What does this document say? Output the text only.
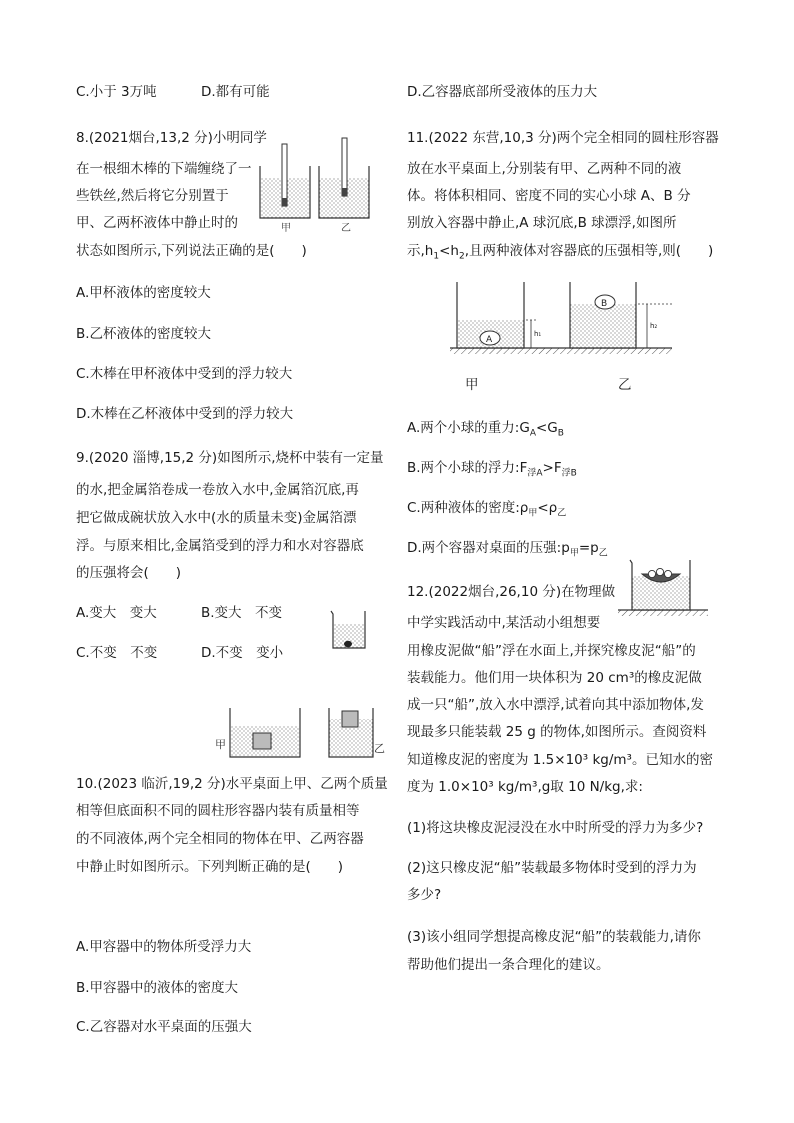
C.小于 3万吨	D.都有可能
8.(2021烟台,13,2 分)小明同学
在一根细木棒的下端缠绕了一
些铁丝,然后将它分别置于
甲、乙两杯液体中静止时的
状态如图所示,下列说法正确的是(　　)
甲	乙
A.甲杯液体的密度较大
B.乙杯液体的密度较大
C.木棒在甲杯液体中受到的浮力较大
D.木棒在乙杯液体中受到的浮力较大
9.(2020 淄博,15,2 分)如图所示,烧杯中装有一定量
的水,把金属箔卷成一卷放入水中,金属箔沉底,再
把它做成碗状放入水中(水的质量未变)金属箔漂
浮。与原来相比,金属箔受到的浮力和水对容器底
的压强将会(　　)
A.变大　变大	B.变大　不变
C.不变　不变	D.不变　变小
甲	乙
10.(2023 临沂,19,2 分)水平桌面上甲、乙两个质量
相等但底面积不同的圆柱形容器内装有质量相等
的不同液体,两个完全相同的物体在甲、乙两容器
中静止时如图所示。下列判断正确的是(　　)
A.甲容器中的物体所受浮力大
B.甲容器中的液体的密度大
C.乙容器对水平桌面的压强大
D.乙容器底部所受液体的压力大
11.(2022 东营,10,3 分)两个完全相同的圆柱形容器
放在水平桌面上,分别装有甲、乙两种不同的液
体。将体积相同、密度不同的实心小球 A、B 分
别放入容器中静止,A 球沉底,B 球漂浮,如图所
示$,h_1<h_2$,且两种液体对容器底的压强相等,则(　　)
A
h₁
B
h₂
甲	乙
A.两个小球的重力$:G_A<G_B$
B.两个小球的浮力$:F_{浮A}>F_{浮B}$
C.两种液体的密度$:\rho_甲<\rho_乙$
D.两个容器对桌面的压强$:p_甲=p_乙$
12.(2022烟台,26,10 分)在物理做
中学实践活动中,某活动小组想要
用橡皮泥做“船”浮在水面上,并探究橡皮泥“船”的
装载能力。他们用一块体积为 20 cm³的橡皮泥做
成一只“船”,放入水中漂浮,试着向其中添加物体,发
现最多只能装载 25 g 的物体,如图所示。查阅资料
知道橡皮泥的密度为 1.5×10³ kg/m³。已知水的密
度为 1.0×10³ kg/m³,g取 10 N/kg,求:
(1)将这块橡皮泥浸没在水中时所受的浮力为多少?
(2)这只橡皮泥“船”装载最多物体时受到的浮力为
多少?
(3)该小组同学想提高橡皮泥“船”的装载能力,请你
帮助他们提出一条合理化的建议。
